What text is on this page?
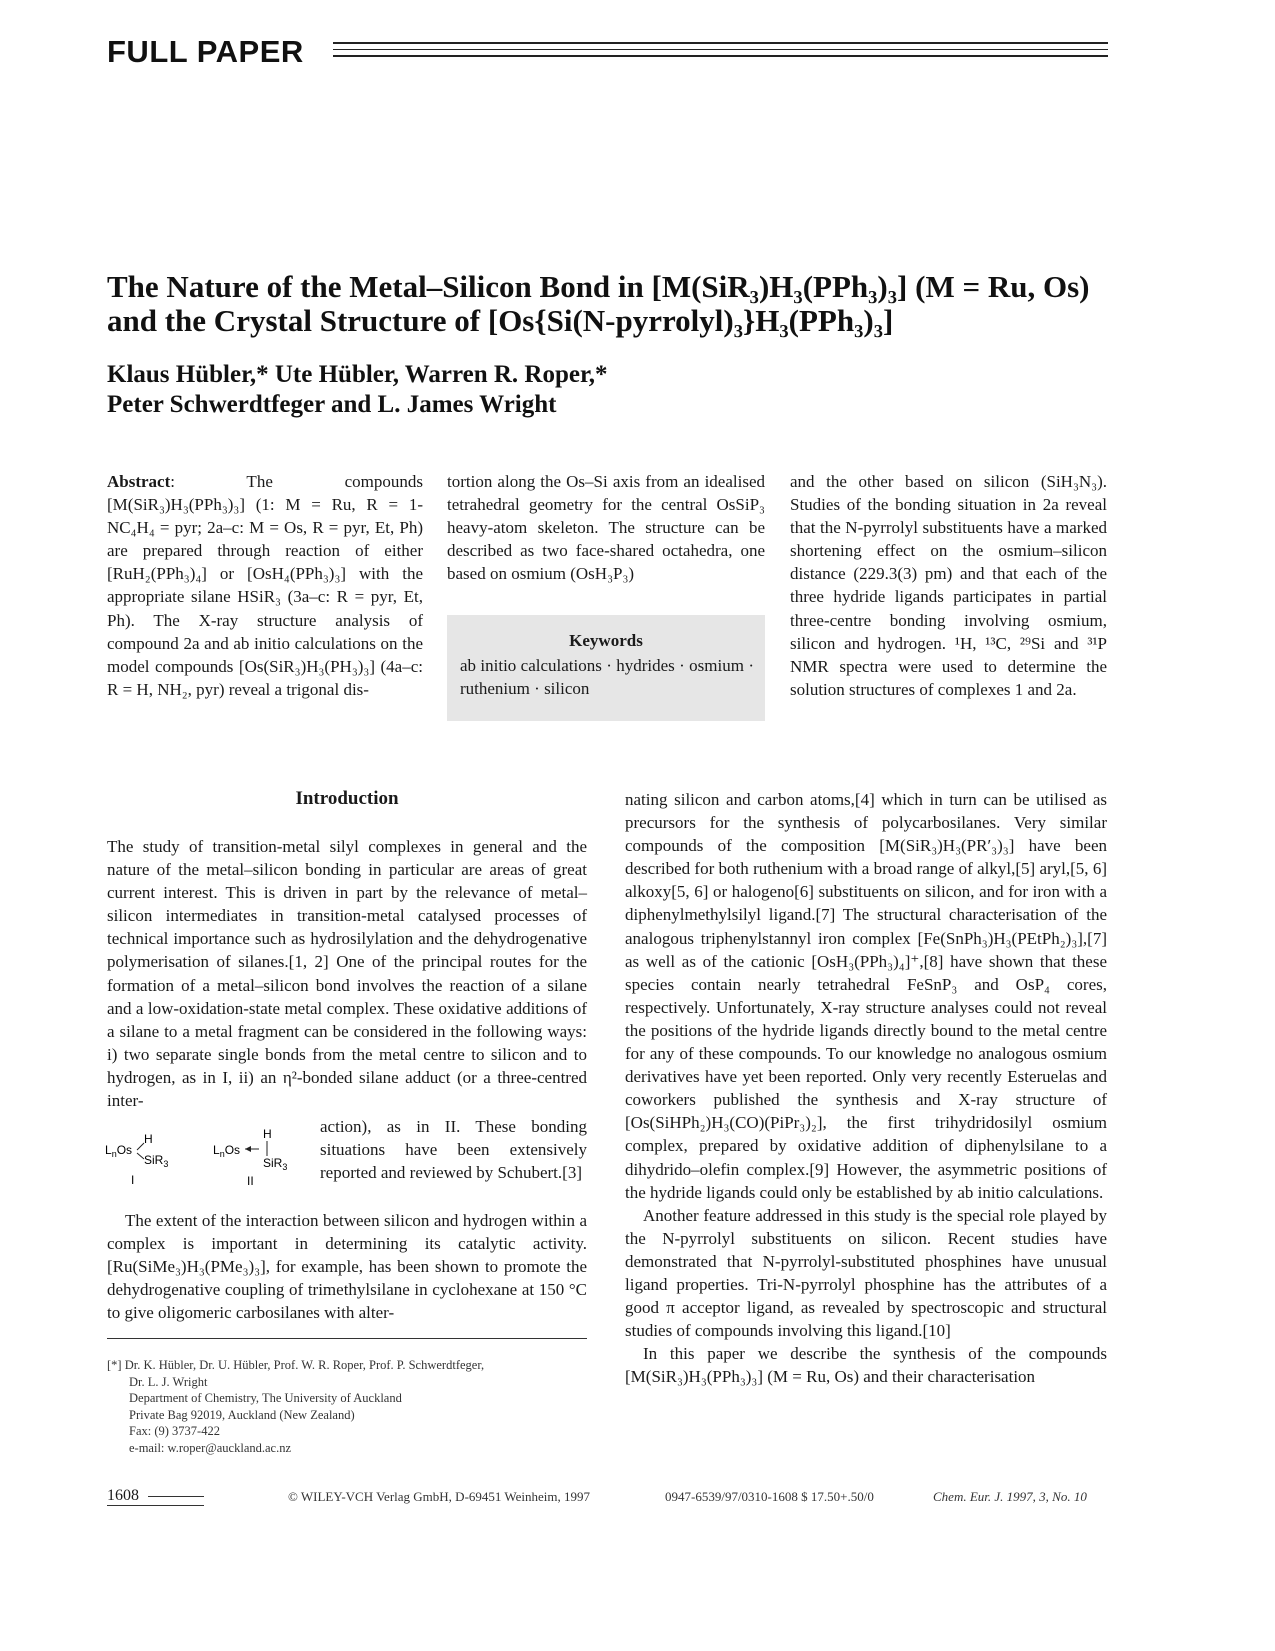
FULL PAPER
The Nature of the Metal–Silicon Bond in [M(SiR₃)H₃(PPh₃)₃] (M = Ru, Os)
and the Crystal Structure of [Os{Si(N-pyrrolyl)₃}H₃(PPh₃)₃]
Klaus Hübler,* Ute Hübler, Warren R. Roper,*
Peter Schwerdtfeger and L. James Wright

Abstract: The compounds [M(SiR₃)H₃(PPh₃)₃] (1: M = Ru, R = 1-NC₄H₄ = pyr; 2a–c: M = Os, R = pyr, Et, Ph) are prepared through reaction of either [RuH₂(PPh₃)₄] or [OsH₄(PPh₃)₃] with the appropriate silane HSiR₃ (3a–c: R = pyr, Et, Ph). The X-ray structure analysis of compound 2a and ab initio calculations on the model compounds [Os(SiR₃)H₃(PH₃)₃] (4a–c: R = H, NH₂, pyr) reveal a trigonal dis-

tortion along the Os–Si axis from an idealised tetrahedral geometry for the central OsSiP₃ heavy-atom skeleton. The structure can be described as two face-shared octahedra, one based on osmium (OsH₃P₃)

and the other based on silicon (SiH₃N₃). Studies of the bonding situation in 2a reveal that the N-pyrrolyl substituents have a marked shortening effect on the osmium–silicon distance (229.3(3) pm) and that each of the three hydride ligands participates in partial three-centre bonding involving osmium, silicon and hydrogen. ¹H, ¹³C, ²⁹Si and ³¹P NMR spectra were used to determine the solution structures of complexes 1 and 2a.

Keywords
ab initio calculations · hydrides · osmium · ruthenium · silicon
Introduction

The study of transition-metal silyl complexes in general and the nature of the metal–silicon bonding in particular are areas of great current interest. This is driven in part by the relevance of metal–silicon intermediates in transition-metal catalysed processes of technical importance such as hydrosilylation and the dehydrogenative polymerisation of silanes.[1, 2] One of the principal routes for the formation of a metal–silicon bond involves the reaction of a silane and a low-oxidation-state metal complex. These oxidative additions of a silane to a metal fragment can be considered in the following ways: i) two separate single bonds from the metal centre to silicon and to hydrogen, as in I, ii) an η²-bonded silane adduct (or a three-centred inter-

$L_nOs$
H
SiR$_3$
I
$L_nOs$
H
SiR$_3$
II

action), as in II. These bonding situations have been extensively reported and reviewed by Schubert.[3]

The extent of the interaction between silicon and hydrogen within a complex is important in determining its catalytic activity. [Ru(SiMe₃)H₃(PMe₃)₃], for example, has been shown to promote the dehydrogenative coupling of trimethylsilane in cyclohexane at 150 °C to give oligomeric carbosilanes with alter-

nating silicon and carbon atoms,[4] which in turn can be utilised as precursors for the synthesis of polycarbosilanes. Very similar compounds of the composition [M(SiR₃)H₃(PR′₃)₃] have been described for both ruthenium with a broad range of alkyl,[5] aryl,[5, 6] alkoxy[5, 6] or halogeno[6] substituents on silicon, and for iron with a diphenylmethylsilyl ligand.[7] The structural characterisation of the analogous triphenylstannyl iron complex [Fe(SnPh₃)H₃(PEtPh₂)₃],[7] as well as of the cationic [OsH₃(PPh₃)₄]⁺,[8] have shown that these species contain nearly tetrahedral FeSnP₃ and OsP₄ cores, respectively. Unfortunately, X-ray structure analyses could not reveal the positions of the hydride ligands directly bound to the metal centre for any of these compounds. To our knowledge no analogous osmium derivatives have yet been reported. Only very recently Esteruelas and coworkers published the synthesis and X-ray structure of [Os(SiHPh₂)H₃(CO)(PiPr₃)₂], the first trihydridosilyl osmium complex, prepared by oxidative addition of diphenylsilane to a dihydrido–olefin complex.[9] However, the asymmetric positions of the hydride ligands could only be established by ab initio calculations.

Another feature addressed in this study is the special role played by the N-pyrrolyl substituents on silicon. Recent studies have demonstrated that N-pyrrolyl-substituted phosphines have unusual ligand properties. Tri-N-pyrrolyl phosphine has the attributes of a good π acceptor ligand, as revealed by spectroscopic and structural studies of compounds involving this ligand.[10]

In this paper we describe the synthesis of the compounds [M(SiR₃)H₃(PPh₃)₃] (M = Ru, Os) and their characterisation

[*] Dr. K. Hübler, Dr. U. Hübler, Prof. W. R. Roper, Prof. P. Schwerdtfeger,
Dr. L. J. Wright
Department of Chemistry, The University of Auckland
Private Bag 92019, Auckland (New Zealand)
Fax: (9) 3737-422
e-mail: w.roper@auckland.ac.nz
1608	© WILEY-VCH Verlag GmbH, D-69451 Weinheim, 1997	0947-6539/97/0310-1608 $ 17.50+.50/0	Chem. Eur. J. 1997, 3, No. 10
